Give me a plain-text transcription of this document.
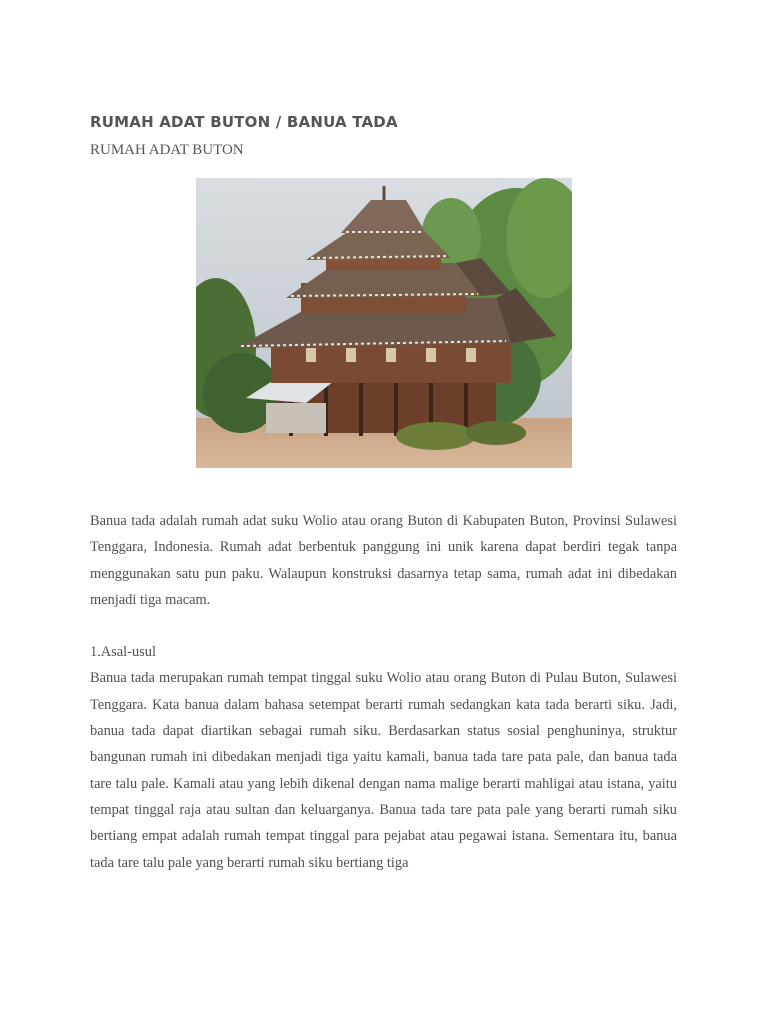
RUMAH ADAT BUTON / BANUA TADA

RUMAH ADAT BUTON

Banua tada adalah rumah adat suku Wolio atau orang Buton di Kabupaten Buton, Provinsi Sulawesi Tenggara, Indonesia. Rumah adat berbentuk panggung ini unik karena dapat berdiri tegak tanpa menggunakan satu pun paku. Walaupun konstruksi dasarnya tetap sama, rumah adat ini dibedakan menjadi tiga macam.

1.Asal-usul

Banua tada merupakan rumah tempat tinggal suku Wolio atau orang Buton di Pulau Buton, Sulawesi Tenggara. Kata banua dalam bahasa setempat berarti rumah sedangkan kata tada berarti siku. Jadi, banua tada dapat diartikan sebagai rumah siku. Berdasarkan status sosial penghuninya, struktur bangunan rumah ini dibedakan menjadi tiga yaitu kamali, banua tada tare pata pale, dan banua tada tare talu pale. Kamali atau yang lebih dikenal dengan nama malige berarti mahligai atau istana, yaitu tempat tinggal raja atau sultan dan keluarganya. Banua tada tare pata pale yang berarti rumah siku bertiang empat adalah rumah tempat tinggal para pejabat atau pegawai istana. Sementara itu, banua tada tare talu pale yang berarti rumah siku bertiang tiga
